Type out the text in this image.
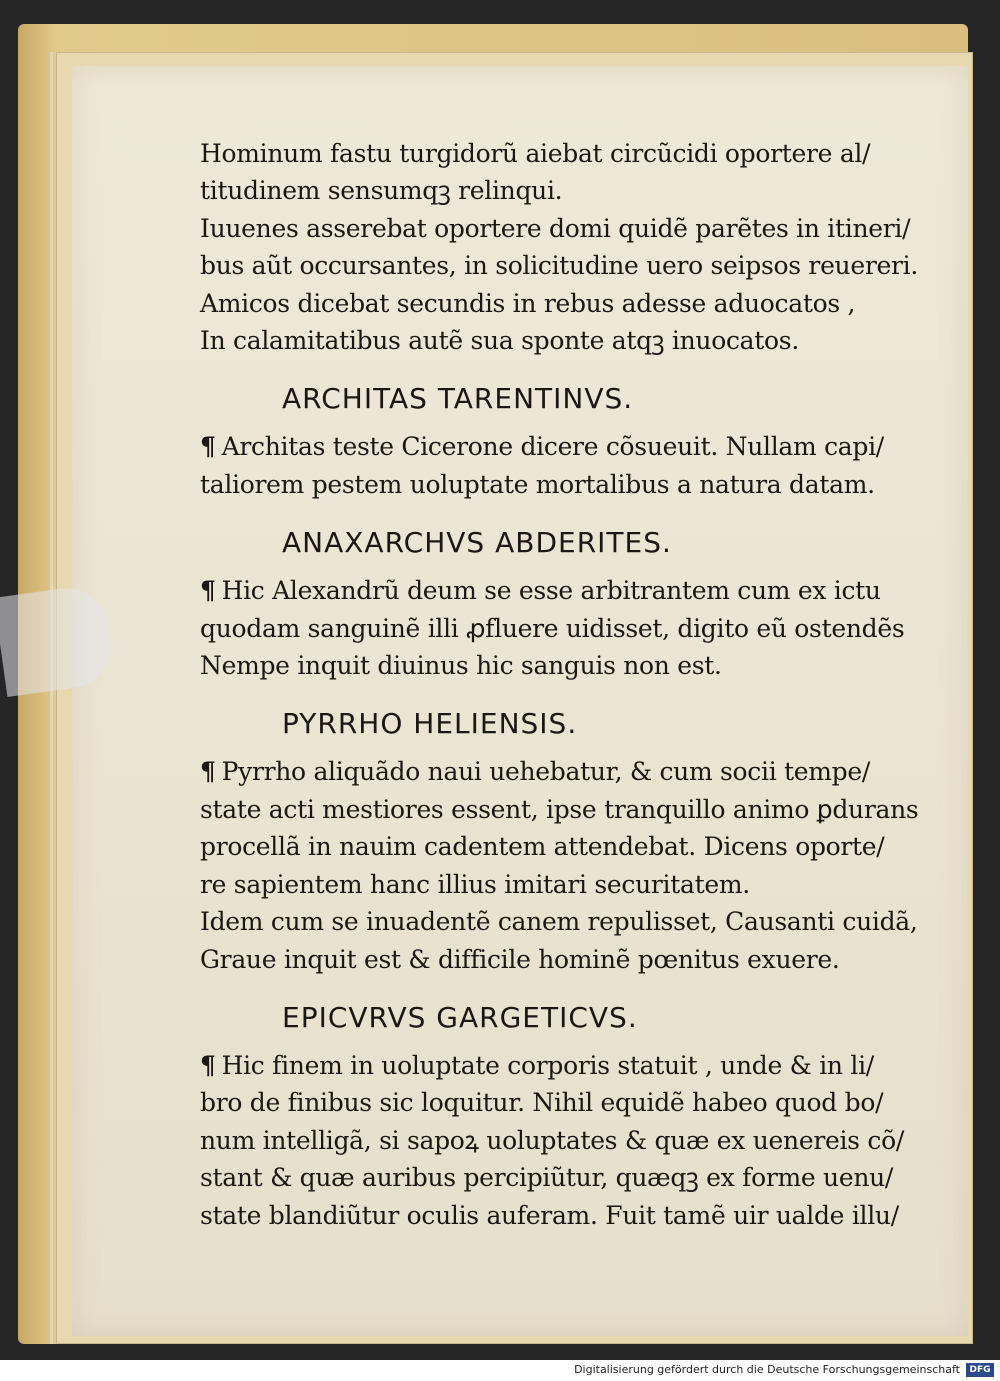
Hominum fastu turgidorũ aiebat circũcidi oportere al/
titudinem sensumqꝫ relinqui.
Iuuenes asserebat oportere domi quidẽ parẽtes in itineri/
bus aũt occursantes, in solicitudine uero seipsos reuereri.
Amicos dicebat secundis in rebus adesse aduocatos ,
In calamitatibus autẽ sua sponte atqꝫ inuocatos.
ARCHITAS TARENTINVS.
¶ Architas teste Cicerone dicere cõsueuit. Nullam capi/
taliorem pestem uoluptate mortalibus a natura datam.
ANAXARCHVS ABDERITES.
¶ Hic Alexandrũ deum se esse arbitrantem cum ex ictu
quodam sanguinẽ illi ꝓfluere uidisset, digito eũ ostendẽs
Nempe inquit diuinus hic sanguis non est.
PYRRHO HELIENSIS.
¶ Pyrrho aliquãdo naui uehebatur, & cum socii tempe/
state acti mestiores essent, ipse tranquillo animo ꝑdurans
procellã in nauim cadentem attendebat. Dicens oporte/
re sapientem hanc illius imitari securitatem.
Idem cum se inuadentẽ canem repulisset, Causanti cuidã,
Graue inquit est & difficile hominẽ pœnitus exuere.
EPICVRVS GARGETICVS.
¶ Hic finem in uoluptate corporis statuit , unde & in li/
bro de finibus sic loquitur. Nihil equidẽ habeo quod bo/
num intelligã, si sapoꝝ uoluptates & quæ ex uenereis cõ/
stant & quæ auribus percipiũtur, quæqꝫ ex forme uenu/
state blandiũtur oculis auferam. Fuit tamẽ uir ualde illu/
Digitalisierung gefördert durch die Deutsche Forschungsgemeinschaft	DFG
